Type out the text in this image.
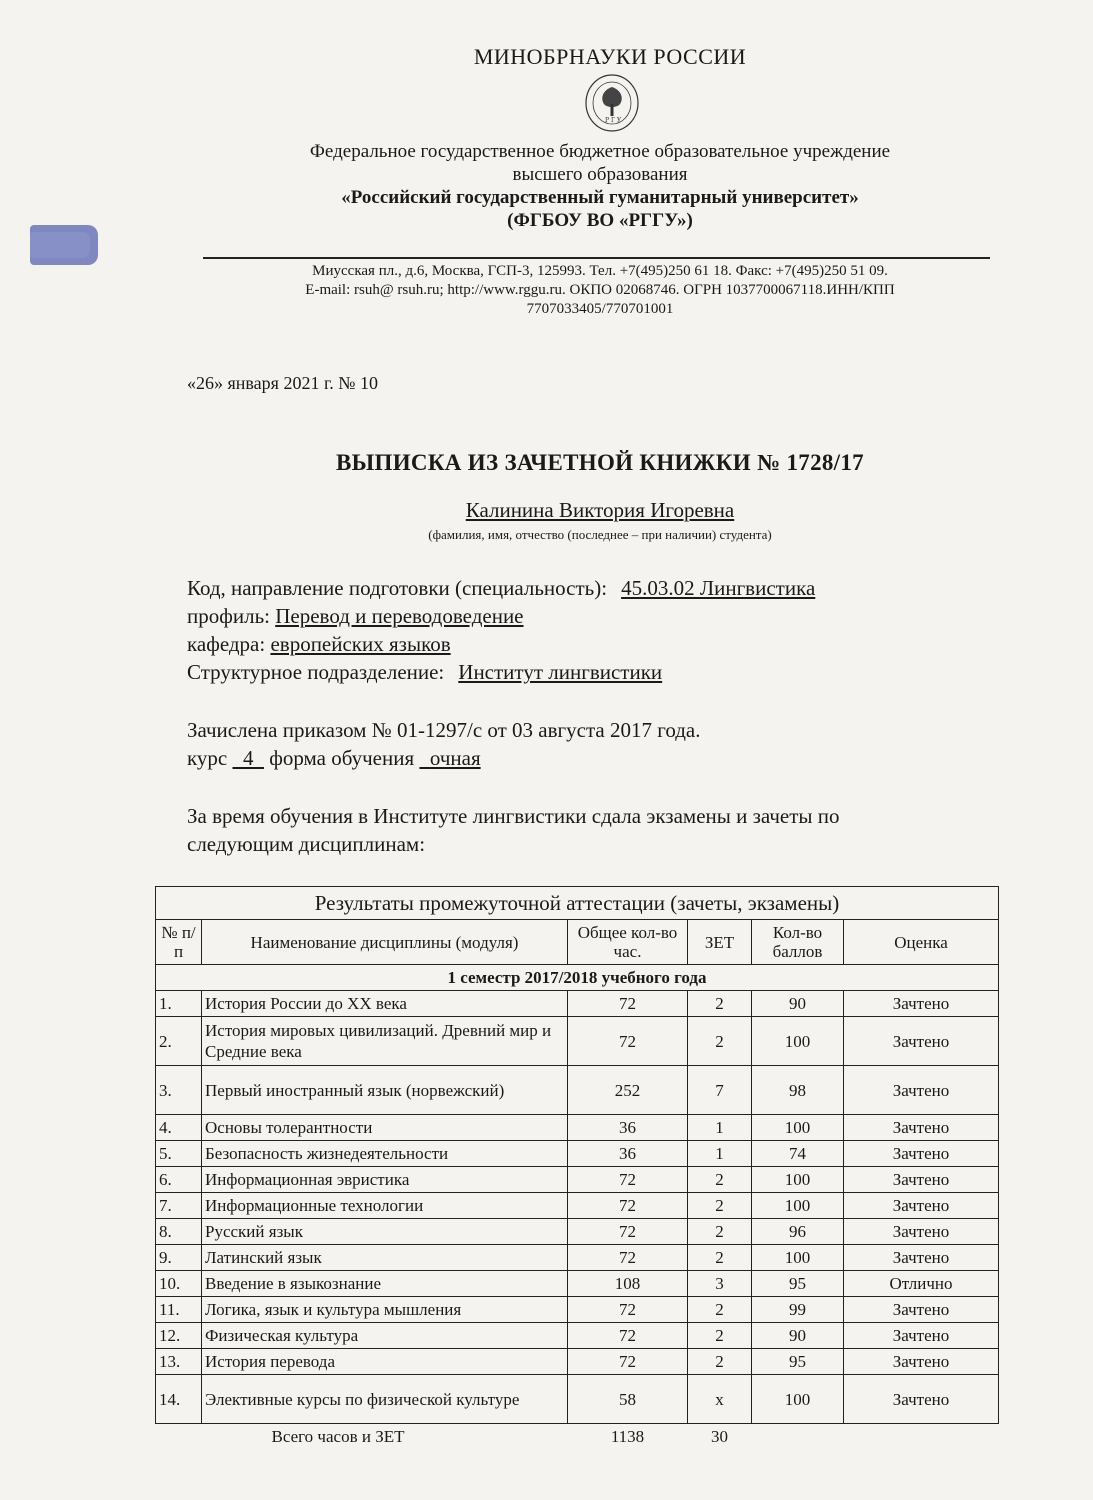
МИНОБРНАУКИ РОССИИ
Р Г У
Федеральное государственное бюджетное образовательное учреждение
высшего образования
«Российский государственный гуманитарный университет»
(ФГБОУ ВО «РГГУ»)
Миусская пл., д.6, Москва, ГСП-3, 125993. Тел. +7(495)250 61 18. Факс: +7(495)250 51 09.
E-mail: rsuh@ rsuh.ru; http://www.rggu.ru. ОКПО 02068746. ОГРН 1037700067118.ИНН/КПП
7707033405/770701001
«26» января 2021 г. № 10
ВЫПИСКА ИЗ ЗАЧЕТНОЙ КНИЖКИ № 1728/17
Калинина Виктория Игоревна
(фамилия, имя, отчество (последнее – при наличии) студента)
Код, направление подготовки (специальность): 45.03.02 Лингвистика
профиль: Перевод и переводоведение
кафедра: европейских языков
Структурное подразделение: Институт лингвистики
Зачислена приказом № 01-1297/с от 03 августа 2017 года.
курс 4 форма обучения очная
За время обучения в Институте лингвистики сдала экзамены и зачеты по
следующим дисциплинам:
Результаты промежуточной аттестации (зачеты, экзамены)					
№ п/п	Наименование дисциплины (модуля)	Общее кол-во час.	ЗЕТ	Кол-во баллов	Оценка
1 семестр 2017/2018 учебного года					
1.	История России до XX века	72	2	90	Зачтено
2.	История мировых цивилизаций. Древний мир и Средние века	72	2	100	Зачтено
3.	Первый иностранный язык (норвежский)	252	7	98	Зачтено
4.	Основы толерантности	36	1	100	Зачтено
5.	Безопасность жизнедеятельности	36	1	74	Зачтено
6.	Информационная эвристика	72	2	100	Зачтено
7.	Информационные технологии	72	2	100	Зачтено
8.	Русский язык	72	2	96	Зачтено
9.	Латинский язык	72	2	100	Зачтено
10.	Введение в языкознание	108	3	95	Отлично
11.	Логика, язык и культура мышления	72	2	99	Зачтено
12.	Физическая культура	72	2	90	Зачтено
13.	История перевода	72	2	95	Зачтено
14.	Элективные курсы по физической культуре	58	х	100	Зачтено
	Всего часов и ЗЕТ	1138	30		
